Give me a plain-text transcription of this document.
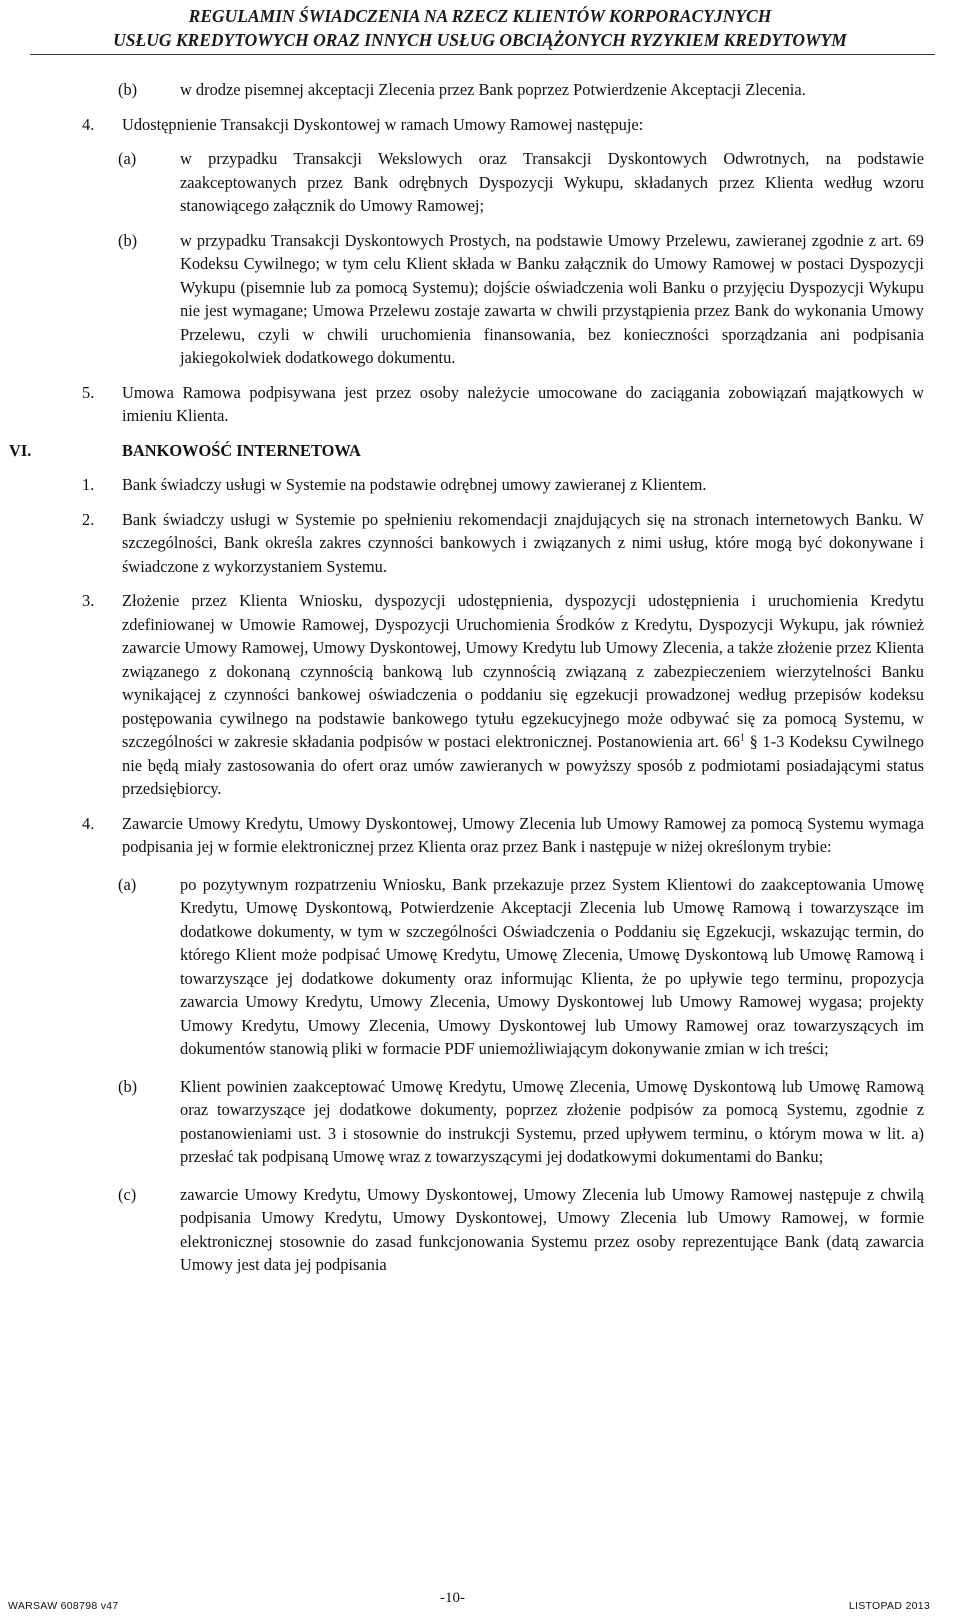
REGULAMIN ŚWIADCZENIA NA RZECZ KLIENTÓW KORPORACYJNYCH
USŁUG KREDYTOWYCH ORAZ INNYCH USŁUG OBCIĄŻONYCH RYZYKIEM KREDYTOWYM
(b)	w drodze pisemnej akceptacji Zlecenia przez Bank poprzez Potwierdzenie Akceptacji Zlecenia.

4. Udostępnienie Transakcji Dyskontowej w ramach Umowy Ramowej następuje:

(a)	w przypadku Transakcji Wekslowych oraz Transakcji Dyskontowych Odwrotnych, na podstawie zaakceptowanych przez Bank odrębnych Dyspozycji Wykupu, składanych przez Klienta według wzoru stanowiącego załącznik do Umowy Ramowej;

(b)	w przypadku Transakcji Dyskontowych Prostych, na podstawie Umowy Przelewu, zawieranej zgodnie z art. 69 Kodeksu Cywilnego; w tym celu Klient składa w Banku załącznik do Umowy Ramowej w postaci Dyspozycji Wykupu (pisemnie lub za pomocą Systemu); dojście oświadczenia woli Banku o przyjęciu Dyspozycji Wykupu nie jest wymagane; Umowa Przelewu zostaje zawarta w chwili przystąpienia przez Bank do wykonania Umowy Przelewu, czyli w chwili uruchomienia finansowania, bez konieczności sporządzania ani podpisania jakiegokolwiek dodatkowego dokumentu.

5. Umowa Ramowa podpisywana jest przez osoby należycie umocowane do zaciągania zobowiązań majątkowych w imieniu Klienta.

VI.	BANKOWOŚĆ INTERNETOWA
1. Bank świadczy usługi w Systemie na podstawie odrębnej umowy zawieranej z Klientem.

2. Bank świadczy usługi w Systemie po spełnieniu rekomendacji znajdujących się na stronach internetowych Banku. W szczególności, Bank określa zakres czynności bankowych i związanych z nimi usług, które mogą być dokonywane i świadczone z wykorzystaniem Systemu.

3. Złożenie przez Klienta Wniosku, dyspozycji udostępnienia, dyspozycji udostępnienia i uruchomienia Kredytu zdefiniowanej w Umowie Ramowej, Dyspozycji Uruchomienia Środków z Kredytu, Dyspozycji Wykupu, jak również zawarcie Umowy Ramowej, Umowy Dyskontowej, Umowy Kredytu lub Umowy Zlecenia, a także złożenie przez Klienta związanego z dokonaną czynnością bankową lub czynnością związaną z zabezpieczeniem wierzytelności Banku wynikającej z czynności bankowej oświadczenia o poddaniu się egzekucji prowadzonej według przepisów kodeksu postępowania cywilnego na podstawie bankowego tytułu egzekucyjnego może odbywać się za pomocą Systemu, w szczególności w zakresie składania podpisów w postaci elektronicznej. Postanowienia art. $66^1$ § 1-3 Kodeksu Cywilnego nie będą miały zastosowania do ofert oraz umów zawieranych w powyższy sposób z podmiotami posiadającymi status przedsiębiorcy.

4. Zawarcie Umowy Kredytu, Umowy Dyskontowej, Umowy Zlecenia lub Umowy Ramowej za pomocą Systemu wymaga podpisania jej w formie elektronicznej przez Klienta oraz przez Bank i następuje w niżej określonym trybie:

(a)	po pozytywnym rozpatrzeniu Wniosku, Bank przekazuje przez System Klientowi do zaakceptowania Umowę Kredytu, Umowę Dyskontową, Potwierdzenie Akceptacji Zlecenia lub Umowę Ramową i towarzyszące im dodatkowe dokumenty, w tym w szczególności Oświadczenia o Poddaniu się Egzekucji, wskazując termin, do którego Klient może podpisać Umowę Kredytu, Umowę Zlecenia, Umowę Dyskontową lub Umowę Ramową i towarzyszące jej dodatkowe dokumenty oraz informując Klienta, że po upływie tego terminu, propozycja zawarcia Umowy Kredytu, Umowy Zlecenia, Umowy Dyskontowej lub Umowy Ramowej wygasa; projekty Umowy Kredytu, Umowy Zlecenia, Umowy Dyskontowej lub Umowy Ramowej oraz towarzyszących im dokumentów stanowią pliki w formacie PDF uniemożliwiającym dokonywanie zmian w ich treści;

(b)	Klient powinien zaakceptować Umowę Kredytu, Umowę Zlecenia, Umowę Dyskontową lub Umowę Ramową oraz towarzyszące jej dodatkowe dokumenty, poprzez złożenie podpisów za pomocą Systemu, zgodnie z postanowieniami ust. 3 i stosownie do instrukcji Systemu, przed upływem terminu, o którym mowa w lit. a) przesłać tak podpisaną Umowę wraz z towarzyszącymi jej dodatkowymi dokumentami do Banku;

(c)	zawarcie Umowy Kredytu, Umowy Dyskontowej, Umowy Zlecenia lub Umowy Ramowej następuje z chwilą podpisania Umowy Kredytu, Umowy Dyskontowej, Umowy Zlecenia lub Umowy Ramowej, w formie elektronicznej stosownie do zasad funkcjonowania Systemu przez osoby reprezentujące Bank (datą zawarcia Umowy jest data jej podpisania

WARSAW 608798 v47	-10-	LISTOPAD 2013
